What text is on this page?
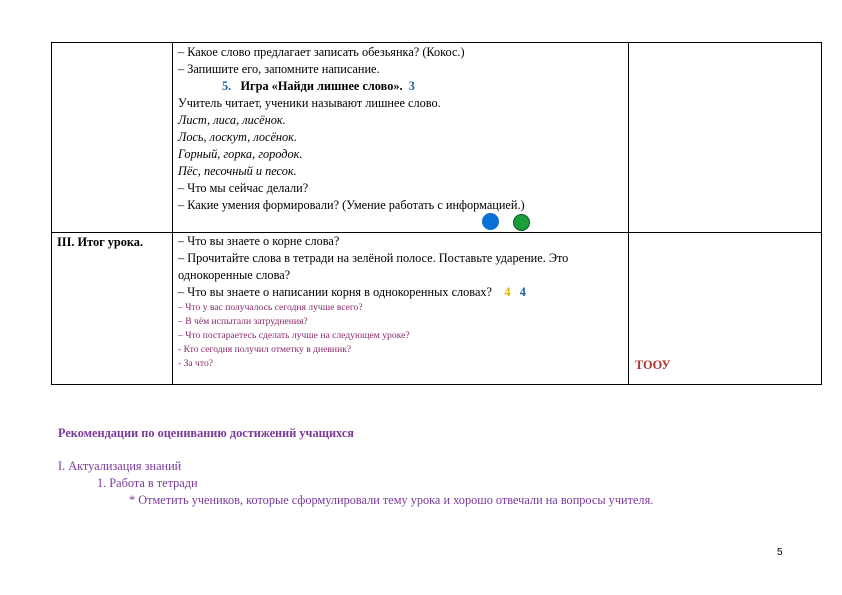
– Какое слово предлагает записать обезьянка? (Кокос.)
– Запишите его, запомните написание.
5. Игра «Найди лишнее слово». 3
Учитель читает, ученики называют лишнее слово.
Лист, лиса, лисёнок.
Лось, лоскут, лосёнок.
Горный, горка, городок.
Пёс, песочный и песок.
– Что мы сейчас делали?
– Какие умения формировали? (Умение работать с информацией.)
III. Итог урока.	– Что вы знаете о корне слова?
– Прочитайте слова в тетради на зелёной полосе. Поставьте ударение. Это
однокоренные слова?
– Что вы знаете о написании корня в однокоренных словах? 4 4
– Что у вас получалось сегодня лучше всего?
– В чём испытали затруднения?
– Что постараетесь сделать лучше на следующем уроке?
- Кто сегодня получил отметку в дневник?
- За что?	ТООУ
Рекомендации по оцениванию достижений учащихся
I. Актуализация знаний
1. Работа в тетради
* Отметить учеников, которые сформулировали тему урока и хорошо отвечали на вопросы учителя.
5
